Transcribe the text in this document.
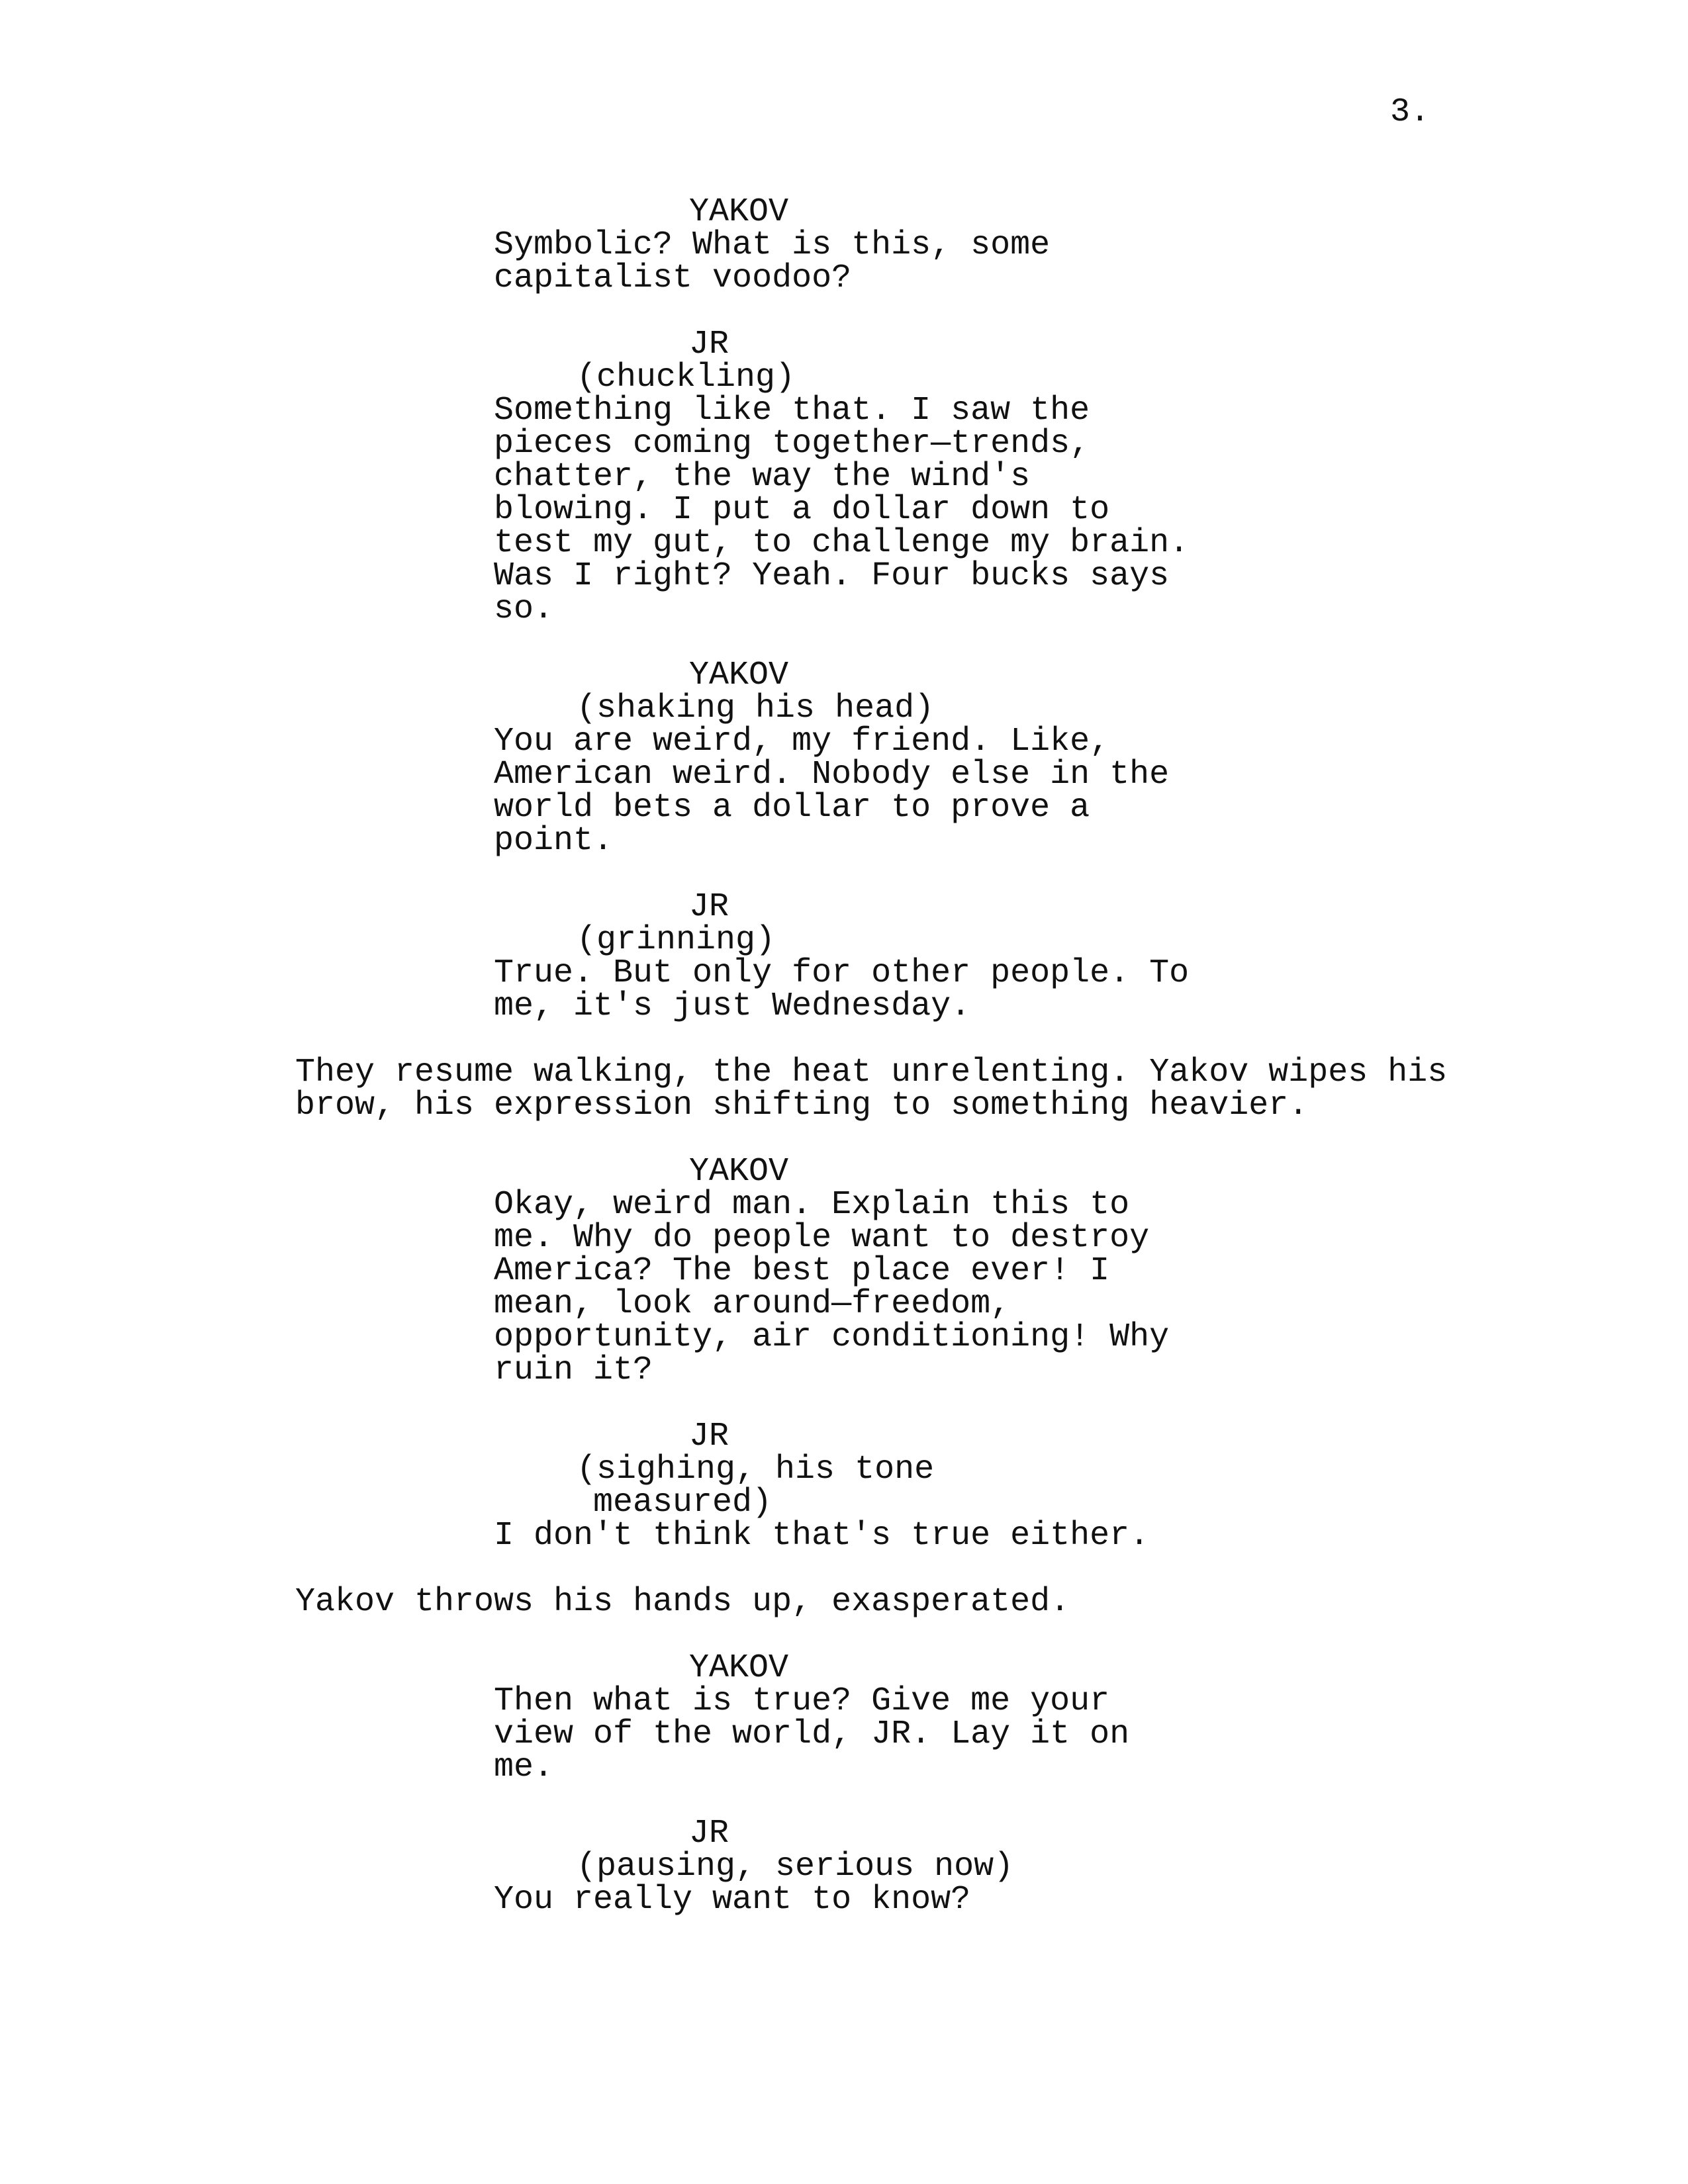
3.
YAKOV
Symbolic? What is this, some
capitalist voodoo?
JR
(chuckling)
Something like that. I saw the
pieces coming together—trends,
chatter, the way the wind's
blowing. I put a dollar down to
test my gut, to challenge my brain.
Was I right? Yeah. Four bucks says
so.
YAKOV
(shaking his head)
You are weird, my friend. Like,
American weird. Nobody else in the
world bets a dollar to prove a
point.
JR
(grinning)
True. But only for other people. To
me, it's just Wednesday.
They resume walking, the heat unrelenting. Yakov wipes his
brow, his expression shifting to something heavier.
YAKOV
Okay, weird man. Explain this to
me. Why do people want to destroy
America? The best place ever! I
mean, look around—freedom,
opportunity, air conditioning! Why
ruin it?
JR
(sighing, his tone
measured)
I don't think that's true either.
Yakov throws his hands up, exasperated.
YAKOV
Then what is true? Give me your
view of the world, JR. Lay it on
me.
JR
(pausing, serious now)
You really want to know?
